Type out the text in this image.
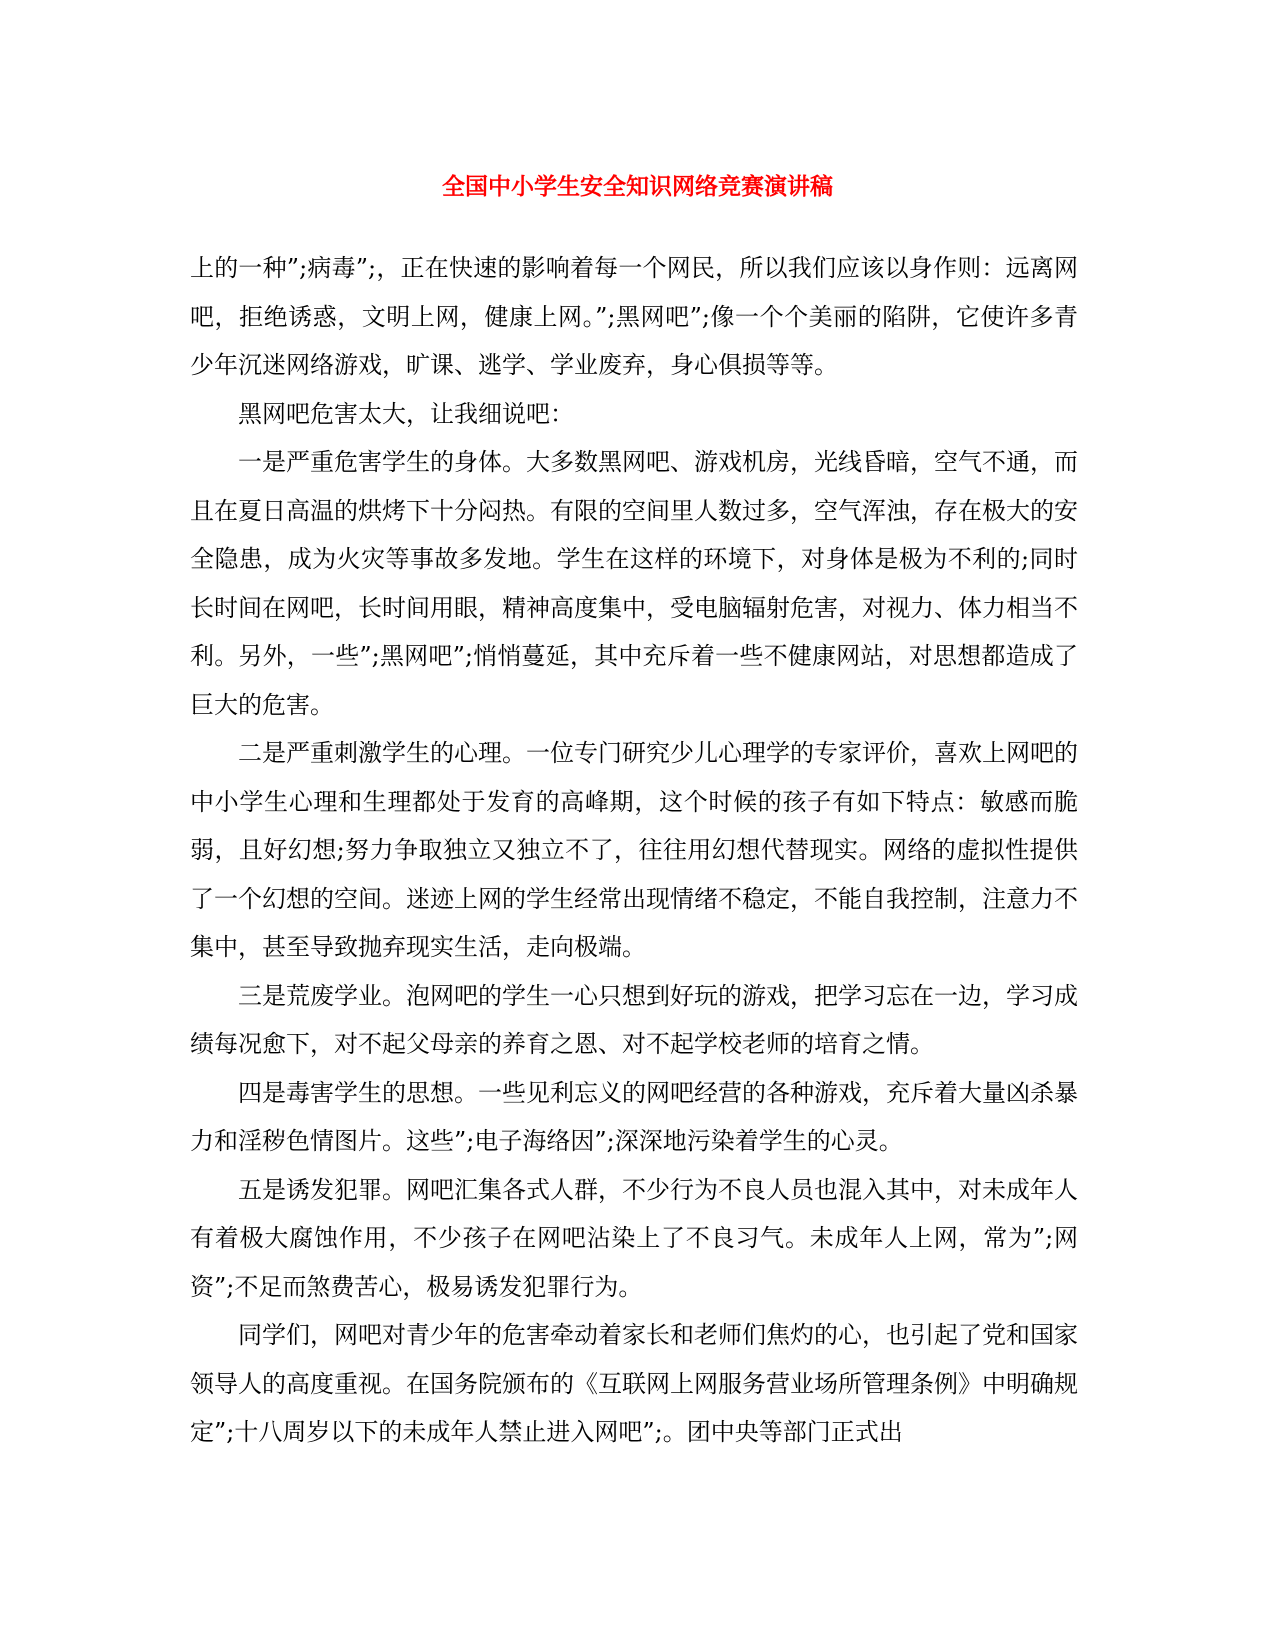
全国中小学生安全知识网络竞赛演讲稿

上的一种”;病毒”;，正在快速的影响着每一个网民，所以我们应该以身作则：远离网吧，拒绝诱惑，文明上网，健康上网。”;黑网吧”;像一个个美丽的陷阱，它使许多青少年沉迷网络游戏，旷课、逃学、学业废弃，身心俱损等等。

黑网吧危害太大，让我细说吧：

一是严重危害学生的身体。大多数黑网吧、游戏机房，光线昏暗，空气不通，而且在夏日高温的烘烤下十分闷热。有限的空间里人数过多，空气浑浊，存在极大的安全隐患，成为火灾等事故多发地。学生在这样的环境下，对身体是极为不利的;同时长时间在网吧，长时间用眼，精神高度集中，受电脑辐射危害，对视力、体力相当不利。另外，一些”;黑网吧”;悄悄蔓延，其中充斥着一些不健康网站，对思想都造成了巨大的危害。

二是严重刺激学生的心理。一位专门研究少儿心理学的专家评价，喜欢上网吧的中小学生心理和生理都处于发育的高峰期，这个时候的孩子有如下特点：敏感而脆弱，且好幻想;努力争取独立又独立不了，往往用幻想代替现实。网络的虚拟性提供了一个幻想的空间。迷迹上网的学生经常出现情绪不稳定，不能自我控制，注意力不集中，甚至导致抛弃现实生活，走向极端。

三是荒废学业。泡网吧的学生一心只想到好玩的游戏，把学习忘在一边，学习成绩每况愈下，对不起父母亲的养育之恩、对不起学校老师的培育之情。

四是毒害学生的思想。一些见利忘义的网吧经营的各种游戏，充斥着大量凶杀暴力和淫秽色情图片。这些”;电子海络因”;深深地污染着学生的心灵。

五是诱发犯罪。网吧汇集各式人群，不少行为不良人员也混入其中，对未成年人有着极大腐蚀作用，不少孩子在网吧沾染上了不良习气。未成年人上网，常为”;网资”;不足而煞费苦心，极易诱发犯罪行为。

同学们，网吧对青少年的危害牵动着家长和老师们焦灼的心，也引起了党和国家领导人的高度重视。在国务院颁布的《互联网上网服务营业场所管理条例》中明确规定”;十八周岁以下的未成年人禁止进入网吧”;。团中央等部门正式出
